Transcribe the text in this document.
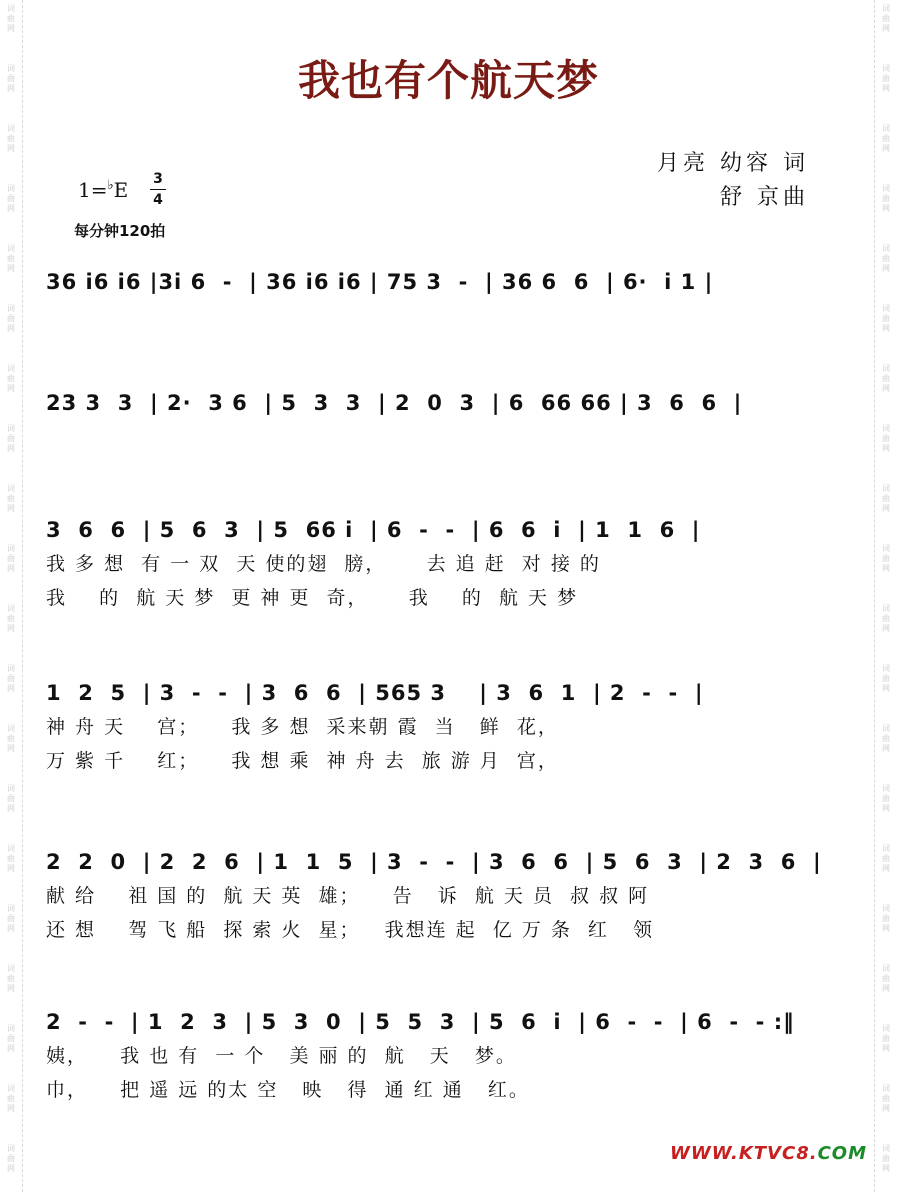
词
曲
网
词
曲
网
词
曲
网
词
曲
网
词
曲
网
词
曲
网
词
曲
网
词
曲
网
词
曲
网
词
曲
网
词
曲
网
词
曲
网
词
曲
网
词
曲
网
词
曲
网
词
曲
网
词
曲
网
词
曲
网
词
曲
网
词
曲
网
词
曲
网
词
曲
网
词
曲
网
词
曲
网
词
曲
网
词
曲
网
词
曲
网
词
曲
网
词
曲
网
词
曲
网
词
曲
网
词
曲
网
词
曲
网
词
曲
网
词
曲
网
词
曲
网
词
曲
网
词
曲
网
词
曲
网
词
曲
网
我也有个航天梦
月亮 幼容 词
舒 京曲
1=♭E 3
4
每分钟120拍
36 i6 i6 |3i 6  -  | 36 i6 i6 | 75 3  -  | 36 6  6  | 6·  i 1 |
23 3  3  | 2·  3 6  | 5  3  3  | 2  0  3  | 6  66 66 | 3  6  6  |
3  6  6  | 5  6  3  | 5  66 i  | 6  -  -  | 6  6  i  | 1  1  6  |
我 多 想  有 一 双  天 使的翅  膀，     去 追 赶  对 接 的
我    的  航 天 梦  更 神 更  奇，     我    的  航 天 梦
1  2  5  | 3  -  -  | 3  6  6  | 565 3    | 3  6  1  | 2  -  -  |
神 舟 天    宫；    我 多 想  采来朝 霞  当   鲜  花，
万 紫 千    红；    我 想 乘  神 舟 去  旅 游 月  宫，
2  2  0  | 2  2  6  | 1  1  5  | 3  -  -  | 3  6  6  | 5  6  3  | 2  3  6  |
献 给    祖 国 的  航 天 英  雄；    告   诉  航 天 员  叔 叔 阿
还 想    驾 飞 船  探 索 火  星；   我想连 起  亿 万 条  红   领
2  -  -  | 1  2  3  | 5  3  0  | 5  5  3  | 5  6  i  | 6  -  -  | 6  -  - :‖
姨，    我 也 有  一 个   美 丽 的  航   天   梦。
巾，    把 遥 远 的太 空   映   得  通 红 通   红。
WWW.KTVC8.COM
